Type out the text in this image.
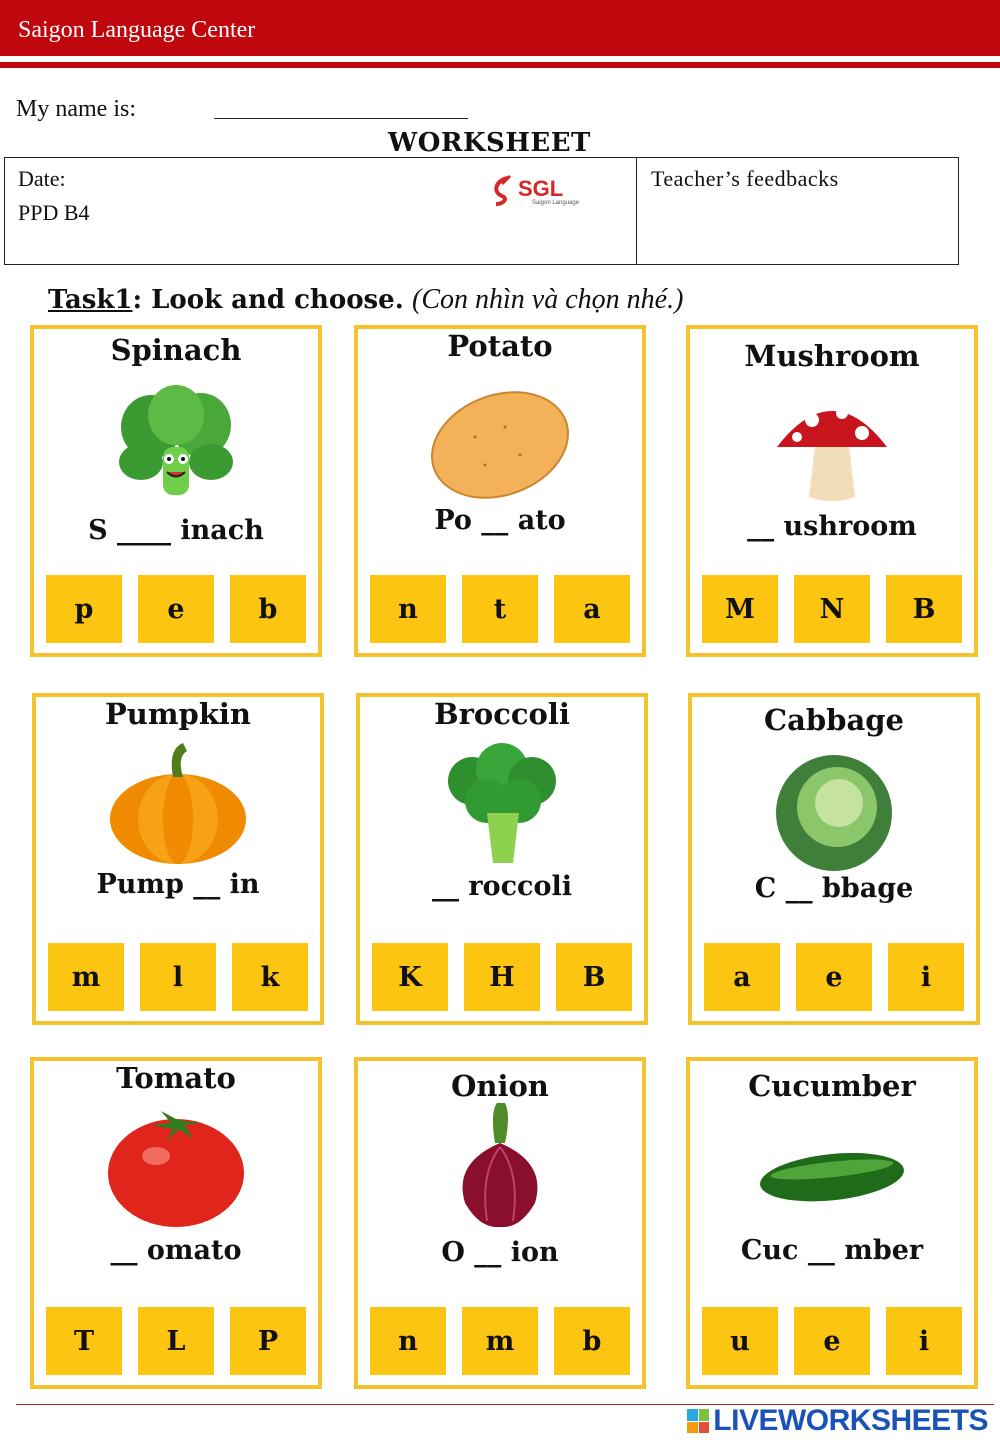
Saigon Language Center
My name is:
WORKSHEET
Date:
PPD B4
SGL
Saigon Language
Teacher’s feedbacks
Task1: Look and choose. (Con nhìn và chọn nhé.)
Spinach
S ____ inach
p	e	b
Potato
Po __ ato
n	t	a
Mushroom
__ ushroom
M	N	B
Pumpkin
Pump __ in
m	l	k
Broccoli
__ roccoli
K	H	B
Cabbage
C __ bbage
a	e	i
Tomato
__ omato
T	L	P
Onion
O __ ion
n	m	b
Cucumber
Cuc __ mber
u	e	i
LIVEWORKSHEETS
